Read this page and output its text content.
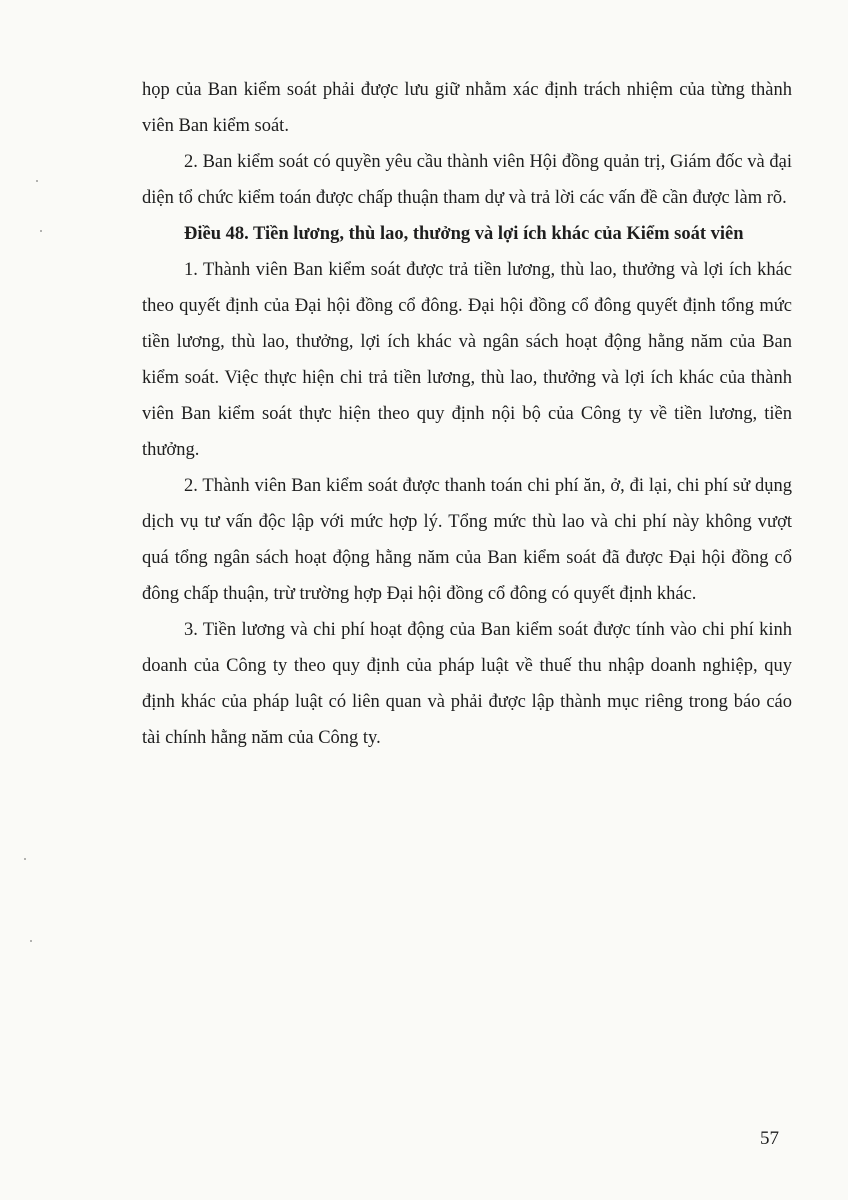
họp của Ban kiểm soát phải được lưu giữ nhằm xác định trách nhiệm của từng thành viên Ban kiểm soát.

2. Ban kiểm soát có quyền yêu cầu thành viên Hội đồng quản trị, Giám đốc và đại diện tổ chức kiểm toán được chấp thuận tham dự và trả lời các vấn đề cần được làm rõ.

Điều 48. Tiền lương, thù lao, thưởng và lợi ích khác của Kiểm soát viên

1. Thành viên Ban kiểm soát được trả tiền lương, thù lao, thưởng và lợi ích khác theo quyết định của Đại hội đồng cổ đông. Đại hội đồng cổ đông quyết định tổng mức tiền lương, thù lao, thưởng, lợi ích khác và ngân sách hoạt động hằng năm của Ban kiểm soát. Việc thực hiện chi trả tiền lương, thù lao, thưởng và lợi ích khác của thành viên Ban kiểm soát thực hiện theo quy định nội bộ của Công ty về tiền lương, tiền thưởng.

2. Thành viên Ban kiểm soát được thanh toán chi phí ăn, ở, đi lại, chi phí sử dụng dịch vụ tư vấn độc lập với mức hợp lý. Tổng mức thù lao và chi phí này không vượt quá tổng ngân sách hoạt động hằng năm của Ban kiểm soát đã được Đại hội đồng cổ đông chấp thuận, trừ trường hợp Đại hội đồng cổ đông có quyết định khác.

3. Tiền lương và chi phí hoạt động của Ban kiểm soát được tính vào chi phí kinh doanh của Công ty theo quy định của pháp luật về thuế thu nhập doanh nghiệp, quy định khác của pháp luật có liên quan và phải được lập thành mục riêng trong báo cáo tài chính hằng năm của Công ty.

57
